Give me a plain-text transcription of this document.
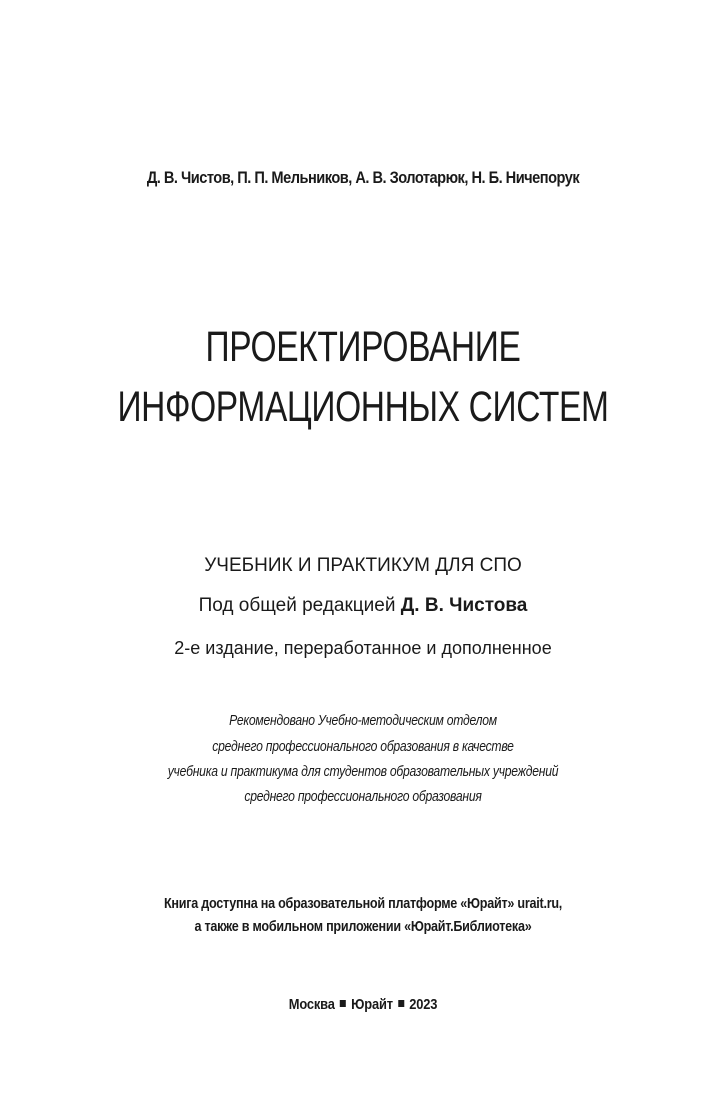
Д. В. Чистов, П. П. Мельников, А. В. Золотарюк, Н. Б. Ничепорук
ПРОЕКТИРОВАНИЕ
ИНФОРМАЦИОННЫХ СИСТЕМ
УЧЕБНИК И ПРАКТИКУМ ДЛЯ СПО
Под общей редакцией Д. В. Чистова
2-е издание, переработанное и дополненное
Рекомендовано Учебно-методическим отделом
среднего профессионального образования в качестве
учебника и практикума для студентов образовательных учреждений
среднего профессионального образования
Книга доступна на образовательной платформе «Юрайт» urait.ru,
а также в мобильном приложении «Юрайт.Библиотека»
Москва Юрайт 2023
